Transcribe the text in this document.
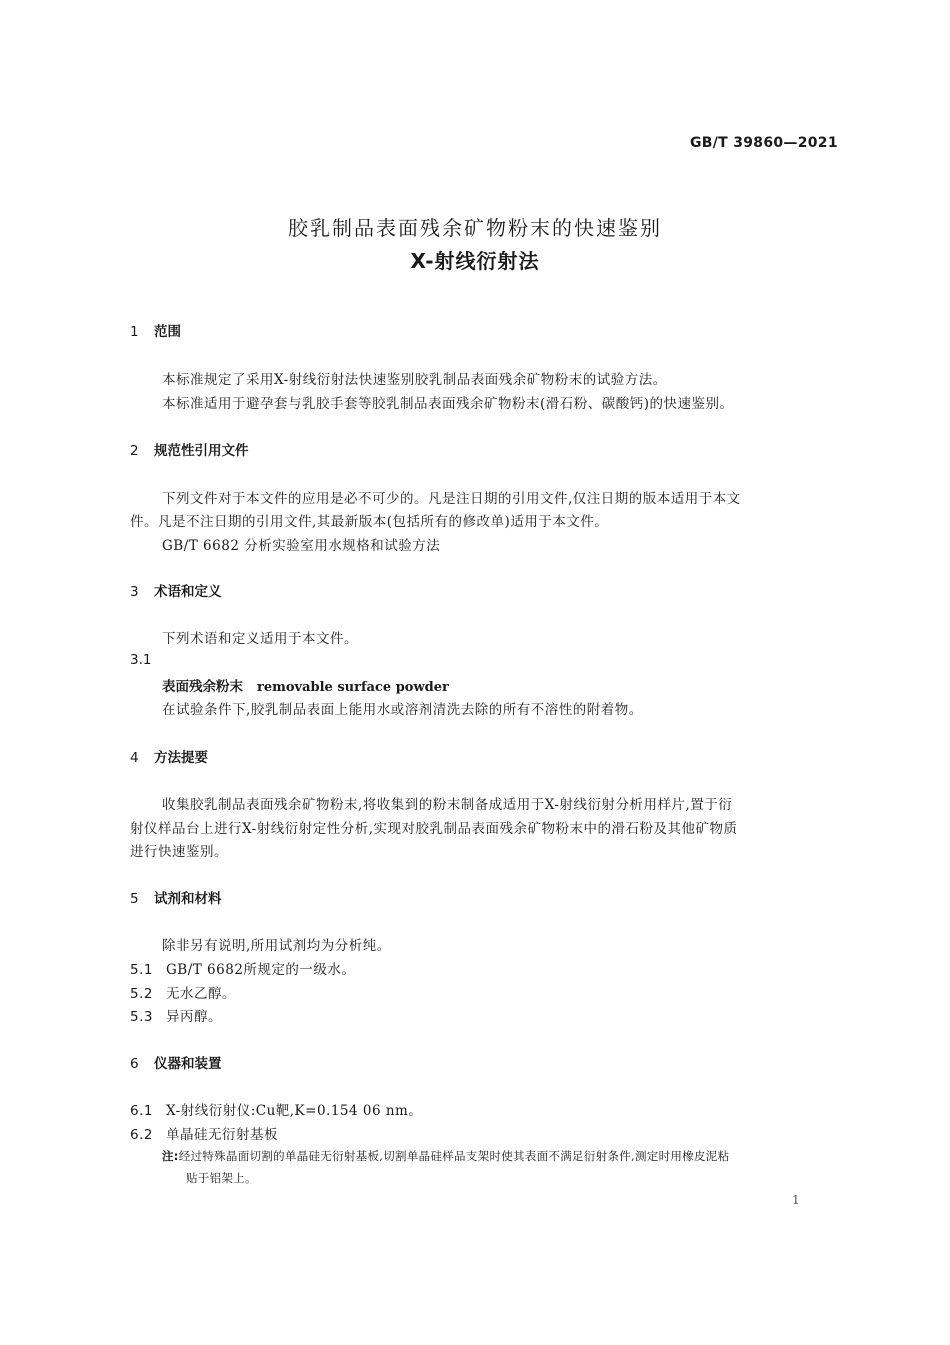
GB/T 39860—2021
胶乳制品表面残余矿物粉末的快速鉴别
X-射线衍射法
1 范围
本标准规定了采用X-射线衍射法快速鉴别胶乳制品表面残余矿物粉末的试验方法。
本标准适用于避孕套与乳胶手套等胶乳制品表面残余矿物粉末(滑石粉、碳酸钙)的快速鉴别。
2 规范性引用文件
下列文件对于本文件的应用是必不可少的。凡是注日期的引用文件,仅注日期的版本适用于本文
件。凡是不注日期的引用文件,其最新版本(包括所有的修改单)适用于本文件。
GB/T 6682 分析实验室用水规格和试验方法
3 术语和定义
下列术语和定义适用于本文件。
3.1
表面残余粉末 removable surface powder
在试验条件下,胶乳制品表面上能用水或溶剂清洗去除的所有不溶性的附着物。
4 方法提要
收集胶乳制品表面残余矿物粉末,将收集到的粉末制备成适用于X-射线衍射分析用样片,置于衍
射仪样品台上进行X-射线衍射定性分析,实现对胶乳制品表面残余矿物粉末中的滑石粉及其他矿物质
进行快速鉴别。
5 试剂和材料
除非另有说明,所用试剂均为分析纯。
5.1 GB/T 6682所规定的一级水。
5.2 无水乙醇。
5.3 异丙醇。
6 仪器和装置
6.1 X-射线衍射仪:Cu靶,K=0.154 06 nm。
6.2 单晶硅无衍射基板
注:经过特殊晶面切割的单晶硅无衍射基板,切割单晶硅样品支架时使其表面不满足衍射条件,测定时用橡皮泥粘
贴于铝架上。
1
